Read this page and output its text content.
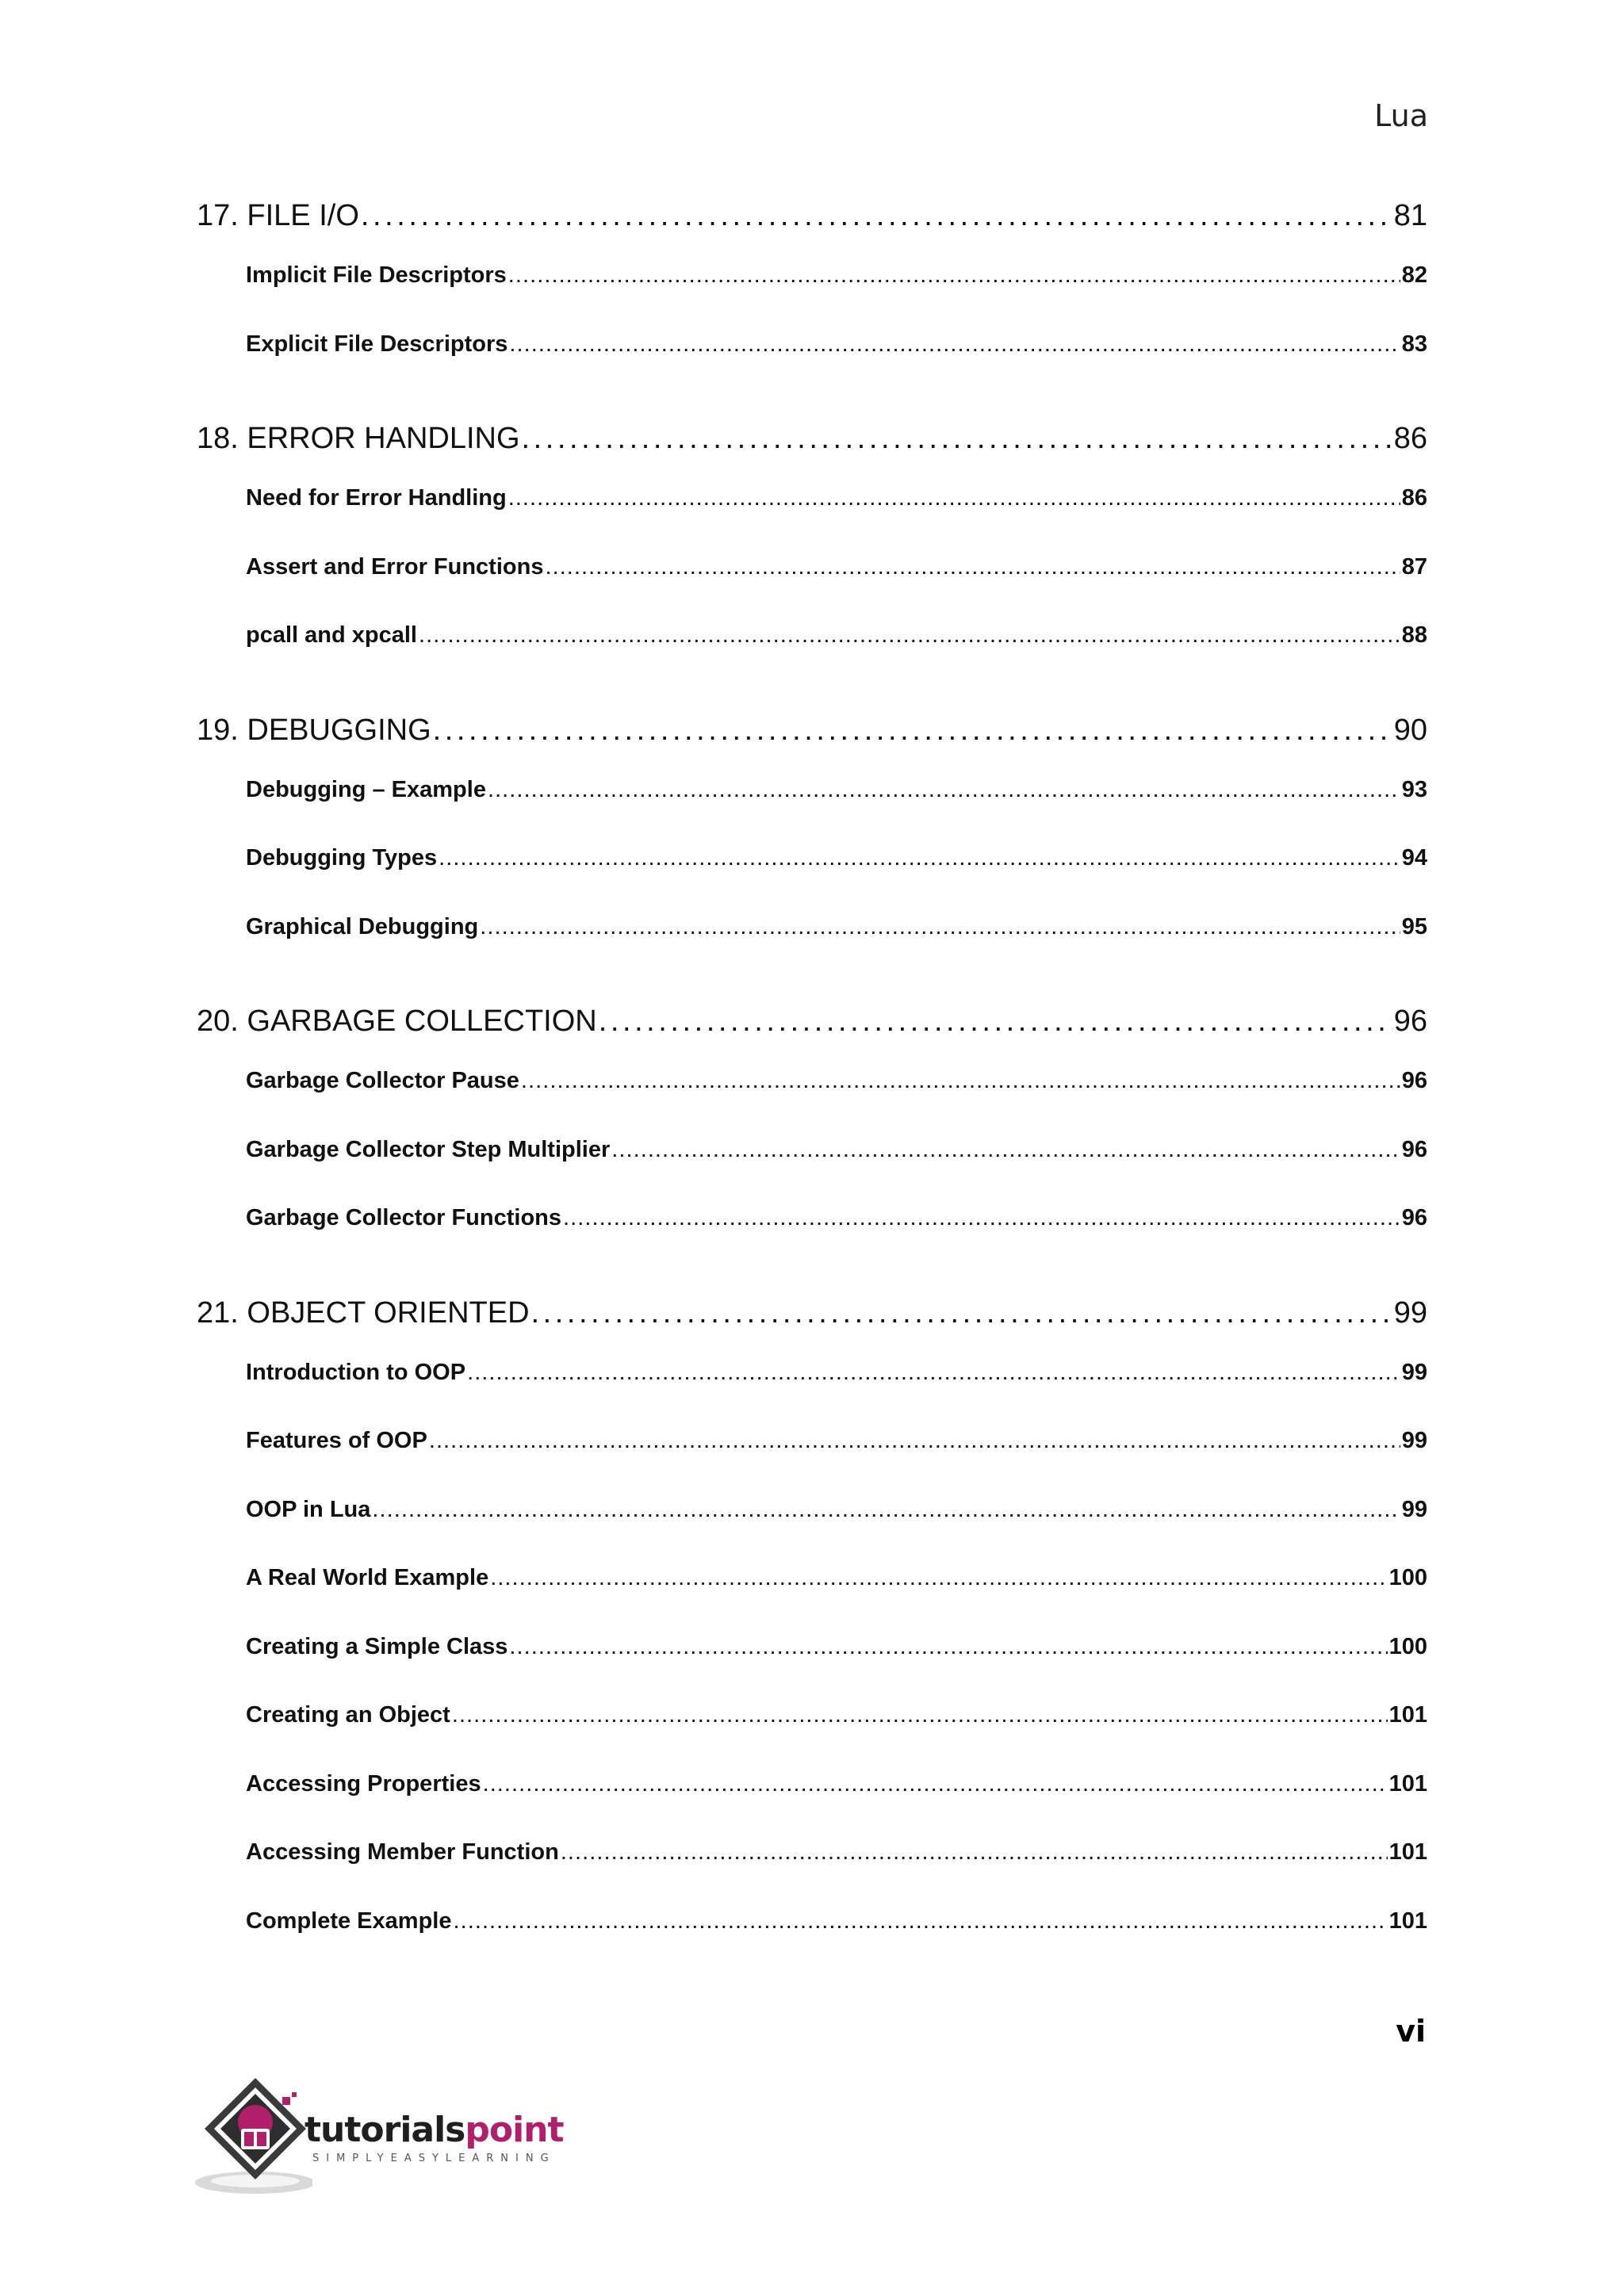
Lua
17. FILE I/O . . .	81
Implicit File Descriptors . . .	82
Explicit File Descriptors . . .	83
18. ERROR HANDLING . . .	86
Need for Error Handling . . .	86
Assert and Error Functions . . .	87
pcall and xpcall . . .	88
19. DEBUGGING . . .	90
Debugging – Example . . .	93
Debugging Types . . .	94
Graphical Debugging . . .	95
20. GARBAGE COLLECTION . . .	96
Garbage Collector Pause . . .	96
Garbage Collector Step Multiplier . . .	96
Garbage Collector Functions . . .	96
21. OBJECT ORIENTED . . .	99
Introduction to OOP . . .	99
Features of OOP . . .	99
OOP in Lua . . .	99
A Real World Example . . .	100
Creating a Simple Class . . .	100
Creating an Object . . .	101
Accessing Properties . . .	101
Accessing Member Function . . .	101
Complete Example . . .	101
vi
tutorialspoint
SIMPLYEASYLEARNING
